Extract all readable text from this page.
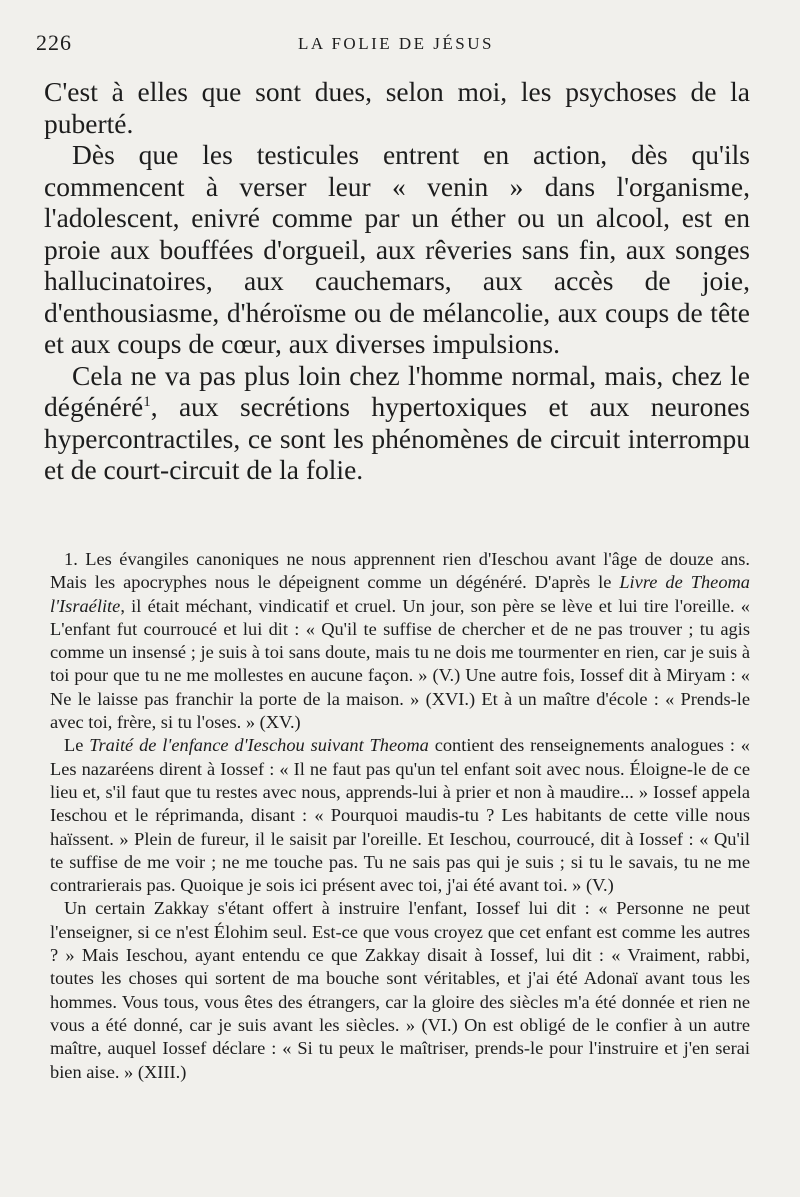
226	LA FOLIE DE JÉSUS

C'est à elles que sont dues, selon moi, les psychoses de la puberté.

Dès que les testicules entrent en action, dès qu'ils commencent à verser leur « venin » dans l'organisme, l'adolescent, enivré comme par un éther ou un alcool, est en proie aux bouffées d'orgueil, aux rêveries sans fin, aux songes hallucinatoires, aux cauchemars, aux accès de joie, d'enthousiasme, d'héroïsme ou de mélancolie, aux coups de tête et aux coups de cœur, aux diverses impulsions.

Cela ne va pas plus loin chez l'homme normal, mais, chez le dégénéré$^1$, aux secrétions hypertoxiques et aux neurones hypercontractiles, ce sont les phénomènes de circuit interrompu et de court-circuit de la folie.

1. Les évangiles canoniques ne nous apprennent rien d'Ieschou avant l'âge de douze ans. Mais les apocryphes nous le dépeignent comme un dégénéré. D'après le Livre de Theoma l'Israélite, il était méchant, vindicatif et cruel. Un jour, son père se lève et lui tire l'oreille. « L'enfant fut courroucé et lui dit : « Qu'il te suffise de chercher et de ne pas trouver ; tu agis comme un insensé ; je suis à toi sans doute, mais tu ne dois me tourmenter en rien, car je suis à toi pour que tu ne me mollestes en aucune façon. » (V.) Une autre fois, Iossef dit à Miryam : « Ne le laisse pas franchir la porte de la maison. » (XVI.) Et à un maître d'école : « Prends-le avec toi, frère, si tu l'oses. » (XV.)

Le Traité de l'enfance d'Ieschou suivant Theoma contient des renseignements analogues : « Les nazaréens dirent à Iossef : « Il ne faut pas qu'un tel enfant soit avec nous. Éloigne-le de ce lieu et, s'il faut que tu restes avec nous, apprends-lui à prier et non à maudire... » Iossef appela Ieschou et le réprimanda, disant : « Pourquoi maudis-tu ? Les habitants de cette ville nous haïssent. » Plein de fureur, il le saisit par l'oreille. Et Ieschou, courroucé, dit à Iossef : « Qu'il te suffise de me voir ; ne me touche pas. Tu ne sais pas qui je suis ; si tu le savais, tu ne me contrarierais pas. Quoique je sois ici présent avec toi, j'ai été avant toi. » (V.)

Un certain Zakkay s'étant offert à instruire l'enfant, Iossef lui dit : « Personne ne peut l'enseigner, si ce n'est Élohim seul. Est-ce que vous croyez que cet enfant est comme les autres ? » Mais Ieschou, ayant entendu ce que Zakkay disait à Iossef, lui dit : « Vraiment, rabbi, toutes les choses qui sortent de ma bouche sont véritables, et j'ai été Adonaï avant tous les hommes. Vous tous, vous êtes des étrangers, car la gloire des siècles m'a été donnée et rien ne vous a été donné, car je suis avant les siècles. » (VI.) On est obligé de le confier à un autre maître, auquel Iossef déclare : « Si tu peux le maîtriser, prends-le pour l'instruire et j'en serai bien aise. » (XIII.)
